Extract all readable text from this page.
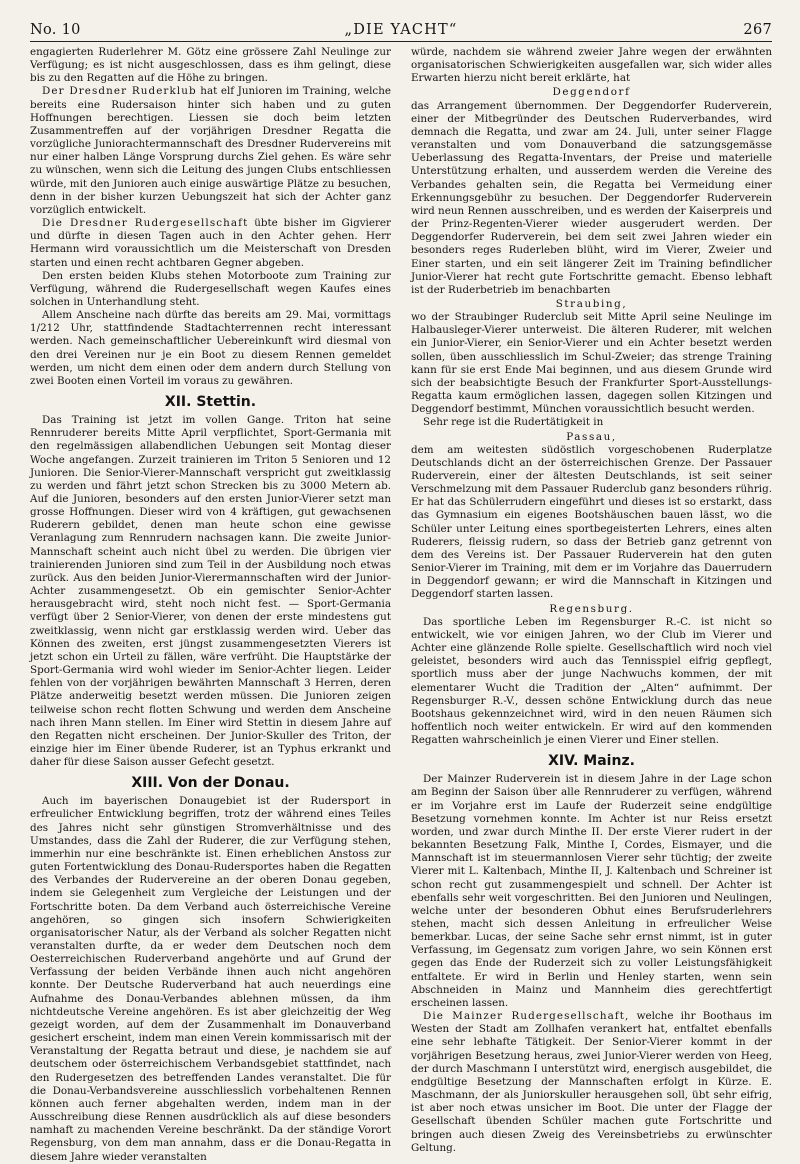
No. 10	„DIE YACHT“	267

engagierten Ruderlehrer M. Götz eine grössere Zahl Neulinge zur Verfügung; es ist nicht ausgeschlossen, dass es ihm gelingt, diese bis zu den Regatten auf die Höhe zu bringen.

Der Dresdner Ruderklub hat elf Junioren im Training, welche bereits eine Rudersaison hinter sich haben und zu guten Hoffnungen berechtigen. Liessen sie doch beim letzten Zusammentreffen auf der vorjährigen Dresdner Regatta die vorzügliche Juniorachtermannschaft des Dresdner Rudervereins mit nur einer halben Länge Vorsprung durchs Ziel gehen. Es wäre sehr zu wünschen, wenn sich die Leitung des jungen Clubs entschliessen würde, mit den Junioren auch einige auswärtige Plätze zu besuchen, denn in der bisher kurzen Uebungszeit hat sich der Achter ganz vorzüglich entwickelt.

Die Dresdner Rudergesellschaft übte bisher im Gigvierer und dürfte in diesen Tagen auch in den Achter gehen. Herr Hermann wird voraussichtlich um die Meisterschaft von Dresden starten und einen recht achtbaren Gegner abgeben.

Den ersten beiden Klubs stehen Motorboote zum Training zur Verfügung, während die Rudergesellschaft wegen Kaufes eines solchen in Unterhandlung steht.

Allem Anscheine nach dürfte das bereits am 29. Mai, vormittags 1/212 Uhr, stattfindende Stadtachterrennen recht interessant werden. Nach gemeinschaftlicher Uebereinkunft wird diesmal von den drei Vereinen nur je ein Boot zu diesem Rennen gemeldet werden, um nicht dem einen oder dem andern durch Stellung von zwei Booten einen Vorteil im voraus zu gewähren.

XII. Stettin.

Das Training ist jetzt im vollen Gange. Triton hat seine Rennruderer bereits Mitte April verpflichtet, Sport-Germania mit den regelmässigen allabendlichen Uebungen seit Montag dieser Woche angefangen. Zurzeit trainieren im Triton 5 Senioren und 12 Junioren. Die Senior-Vierer-Mannschaft verspricht gut zweitklassig zu werden und fährt jetzt schon Strecken bis zu 3000 Metern ab. Auf die Junioren, besonders auf den ersten Junior-Vierer setzt man grosse Hoffnungen. Dieser wird von 4 kräftigen, gut gewachsenen Ruderern gebildet, denen man heute schon eine gewisse Veranlagung zum Rennrudern nachsagen kann. Die zweite Junior-Mannschaft scheint auch nicht übel zu werden. Die übrigen vier trainierenden Junioren sind zum Teil in der Ausbildung noch etwas zurück. Aus den beiden Junior-Vierermannschaften wird der Junior-Achter zusammengesetzt. Ob ein gemischter Senior-Achter herausgebracht wird, steht noch nicht fest. — Sport-Germania verfügt über 2 Senior-Vierer, von denen der erste mindestens gut zweitklassig, wenn nicht gar erstklassig werden wird. Ueber das Können des zweiten, erst jüngst zusammengesetzten Vierers ist jetzt schon ein Urteil zu fällen, wäre verfrüht. Die Hauptstärke der Sport-Germania wird wohl wieder im Senior-Achter liegen. Leider fehlen von der vorjährigen bewährten Mannschaft 3 Herren, deren Plätze anderweitig besetzt werden müssen. Die Junioren zeigen teilweise schon recht flotten Schwung und werden dem Anscheine nach ihren Mann stellen. Im Einer wird Stettin in diesem Jahre auf den Regatten nicht erscheinen. Der Junior-Skuller des Triton, der einzige hier im Einer übende Ruderer, ist an Typhus erkrankt und daher für diese Saison ausser Gefecht gesetzt.

XIII. Von der Donau.

Auch im bayerischen Donaugebiet ist der Rudersport in erfreulicher Entwicklung begriffen, trotz der während eines Teiles des Jahres nicht sehr günstigen Stromverhältnisse und des Umstandes, dass die Zahl der Ruderer, die zur Verfügung stehen, immerhin nur eine beschränkte ist. Einen erheblichen Anstoss zur guten Fortentwicklung des Donau-Rudersportes haben die Regatten des Verbandes der Rudervereine an der oberen Donau gegeben, indem sie Gelegenheit zum Vergleiche der Leistungen und der Fortschritte boten. Da dem Verband auch österreichische Vereine angehören, so gingen sich insofern Schwierigkeiten organisatorischer Natur, als der Verband als solcher Regatten nicht veranstalten durfte, da er weder dem Deutschen noch dem Oesterreichischen Ruderverband angehörte und auf Grund der Verfassung der beiden Verbände ihnen auch nicht angehören konnte. Der Deutsche Ruderverband hat auch neuerdings eine Aufnahme des Donau-Verbandes ablehnen müssen, da ihm nichtdeutsche Vereine angehören. Es ist aber gleichzeitig der Weg gezeigt worden, auf dem der Zusammenhalt im Donauverband gesichert erscheint, indem man einen Verein kommissarisch mit der Veranstaltung der Regatta betraut und diese, je nachdem sie auf deutschem oder österreichischem Verbandsgebiet stattfindet, nach den Rudergesetzen des betreffenden Landes veranstaltet. Die für die Donau-Verbandsvereine ausschliesslich vorbehaltenen Rennen können auch ferner abgehalten werden, indem man in der Ausschreibung diese Rennen ausdrücklich als auf diese besonders namhaft zu machenden Vereine beschränkt. Da der ständige Vorort Regensburg, von dem man annahm, dass er die Donau-Regatta in diesem Jahre wieder veranstalten

würde, nachdem sie während zweier Jahre wegen der erwähnten organisatorischen Schwierigkeiten ausgefallen war, sich wider alles Erwarten hierzu nicht bereit erklärte, hat

Deggendorf

das Arrangement übernommen. Der Deggendorfer Ruderverein, einer der Mitbegründer des Deutschen Ruderverbandes, wird demnach die Regatta, und zwar am 24. Juli, unter seiner Flagge veranstalten und vom Donauverband die satzungsgemässe Ueberlassung des Regatta-Inventars, der Preise und materielle Unterstützung erhalten, und ausserdem werden die Vereine des Verbandes gehalten sein, die Regatta bei Vermeidung einer Erkennungsgebühr zu besuchen. Der Deggendorfer Ruderverein wird neun Rennen ausschreiben, und es werden der Kaiserpreis und der Prinz-Regenten-Vierer wieder ausgerudert werden. Der Deggendorfer Ruderverein, bei dem seit zwei Jahren wieder ein besonders reges Ruderleben blüht, wird im Vierer, Zweier und Einer starten, und ein seit längerer Zeit im Training befindlicher Junior-Vierer hat recht gute Fortschritte gemacht. Ebenso lebhaft ist der Ruderbetrieb im benachbarten

Straubing,

wo der Straubinger Ruderclub seit Mitte April seine Neulinge im Halbausleger-Vierer unterweist. Die älteren Ruderer, mit welchen ein Junior-Vierer, ein Senior-Vierer und ein Achter besetzt werden sollen, üben ausschliesslich im Schul-Zweier; das strenge Training kann für sie erst Ende Mai beginnen, und aus diesem Grunde wird sich der beabsichtigte Besuch der Frankfurter Sport-Ausstellungs-Regatta kaum ermöglichen lassen, dagegen sollen Kitzingen und Deggendorf bestimmt, München voraussichtlich besucht werden.

Sehr rege ist die Rudertätigkeit in

Passau,

dem am weitesten südöstlich vorgeschobenen Ruderplatze Deutschlands dicht an der österreichischen Grenze. Der Passauer Ruderverein, einer der ältesten Deutschlands, ist seit seiner Verschmelzung mit dem Passauer Ruderclub ganz besonders rührig. Er hat das Schülerrudern eingeführt und dieses ist so erstarkt, dass das Gymnasium ein eigenes Bootshäuschen bauen lässt, wo die Schüler unter Leitung eines sportbegeisterten Lehrers, eines alten Ruderers, fleissig rudern, so dass der Betrieb ganz getrennt von dem des Vereins ist. Der Passauer Ruderverein hat den guten Senior-Vierer im Training, mit dem er im Vorjahre das Dauerrudern in Deggendorf gewann; er wird die Mannschaft in Kitzingen und Deggendorf starten lassen.

Regensburg.

Das sportliche Leben im Regensburger R.-C. ist nicht so entwickelt, wie vor einigen Jahren, wo der Club im Vierer und Achter eine glänzende Rolle spielte. Gesellschaftlich wird noch viel geleistet, besonders wird auch das Tennisspiel eifrig gepflegt, sportlich muss aber der junge Nachwuchs kommen, der mit elementarer Wucht die Tradition der „Alten“ aufnimmt. Der Regensburger R.-V., dessen schöne Entwicklung durch das neue Bootshaus gekennzeichnet wird, wird in den neuen Räumen sich hoffentlich noch weiter entwickeln. Er wird auf den kommenden Regatten wahrscheinlich je einen Vierer und Einer stellen.

XIV. Mainz.

Der Mainzer Ruderverein ist in diesem Jahre in der Lage schon am Beginn der Saison über alle Rennruderer zu verfügen, während er im Vorjahre erst im Laufe der Ruderzeit seine endgültige Besetzung vornehmen konnte. Im Achter ist nur Reiss ersetzt worden, und zwar durch Minthe II. Der erste Vierer rudert in der bekannten Besetzung Falk, Minthe I, Cordes, Eismayer, und die Mannschaft ist im steuermannlosen Vierer sehr tüchtig; der zweite Vierer mit L. Kaltenbach, Minthe II, J. Kaltenbach und Schreiner ist schon recht gut zusammengespielt und schnell. Der Achter ist ebenfalls sehr weit vorgeschritten. Bei den Junioren und Neulingen, welche unter der besonderen Obhut eines Berufsruderlehrers stehen, macht sich dessen Anleitung in erfreulicher Weise bemerkbar. Lucas, der seine Sache sehr ernst nimmt, ist in guter Verfassung, im Gegensatz zum vorigen Jahre, wo sein Können erst gegen das Ende der Ruderzeit sich zu voller Leistungsfähigkeit entfaltete. Er wird in Berlin und Henley starten, wenn sein Abschneiden in Mainz und Mannheim dies gerechtfertigt erscheinen lassen.

Die Mainzer Rudergesellschaft, welche ihr Boothaus im Westen der Stadt am Zollhafen verankert hat, entfaltet ebenfalls eine sehr lebhafte Tätigkeit. Der Senior-Vierer kommt in der vorjährigen Besetzung heraus, zwei Junior-Vierer werden von Heeg, der durch Maschmann I unterstützt wird, energisch ausgebildet, die endgültige Besetzung der Mannschaften erfolgt in Kürze. E. Maschmann, der als Juniorskuller herausgehen soll, übt sehr eifrig, ist aber noch etwas unsicher im Boot. Die unter der Flagge der Gesellschaft übenden Schüler machen gute Fortschritte und bringen auch diesen Zweig des Vereinsbetriebs zu erwünschter Geltung.
